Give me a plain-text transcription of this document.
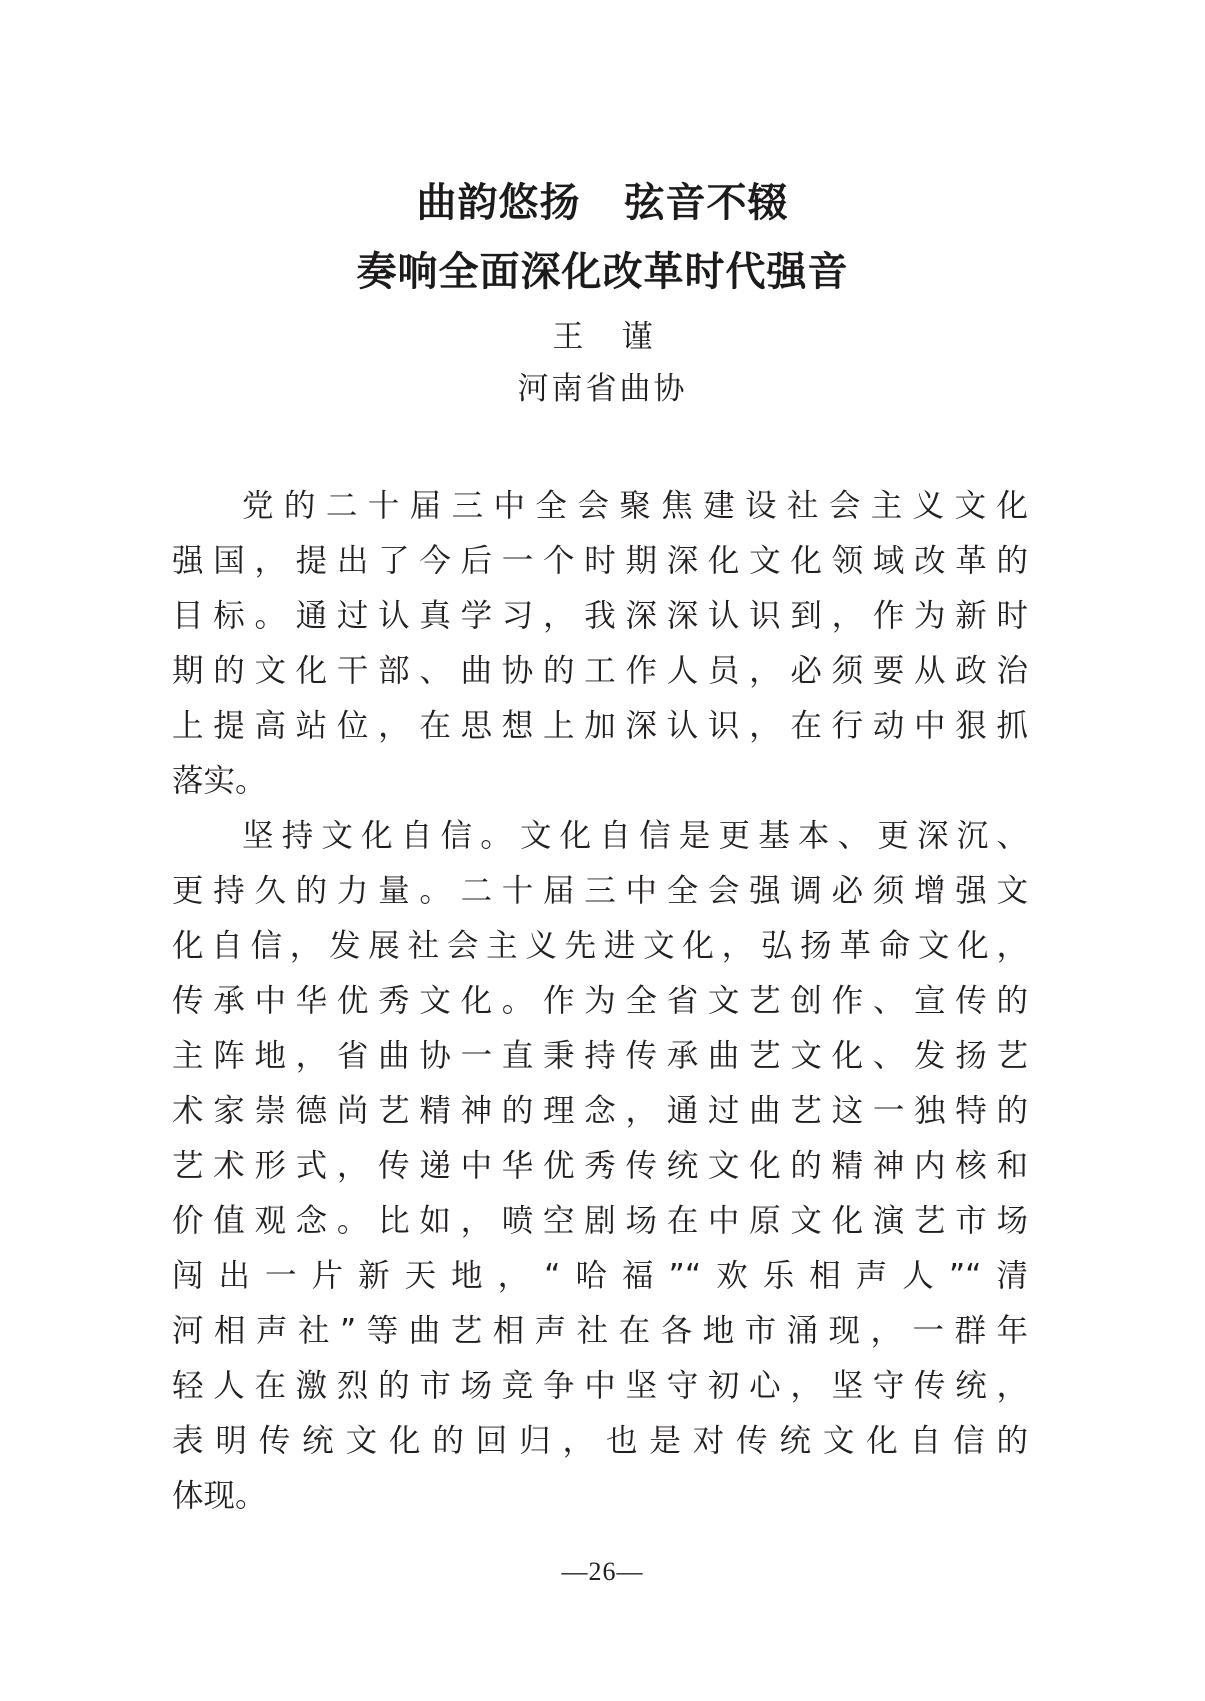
曲韵悠扬 弦音不辍
奏响全面深化改革时代强音
王 谨
河南省曲协
党的二十届三中全会聚焦建设社会主义文化
强国，提出了今后一个时期深化文化领域改革的
目标。通过认真学习，我深深认识到，作为新时
期的文化干部、曲协的工作人员，必须要从政治
上提高站位，在思想上加深认识，在行动中狠抓
落实。
坚持文化自信。文化自信是更基本、更深沉、
更持久的力量。二十届三中全会强调必须增强文
化自信，发展社会主义先进文化，弘扬革命文化，
传承中华优秀文化。作为全省文艺创作、宣传的
主阵地，省曲协一直秉持传承曲艺文化、发扬艺
术家崇德尚艺精神的理念，通过曲艺这一独特的
艺术形式，传递中华优秀传统文化的精神内核和
价值观念。比如，喷空剧场在中原文化演艺市场
闯出一片新天地，“哈福”“欢乐相声人”“清
河相声社”等曲艺相声社在各地市涌现，一群年
轻人在激烈的市场竞争中坚守初心，坚守传统，
表明传统文化的回归，也是对传统文化自信的
体现。
—26—
